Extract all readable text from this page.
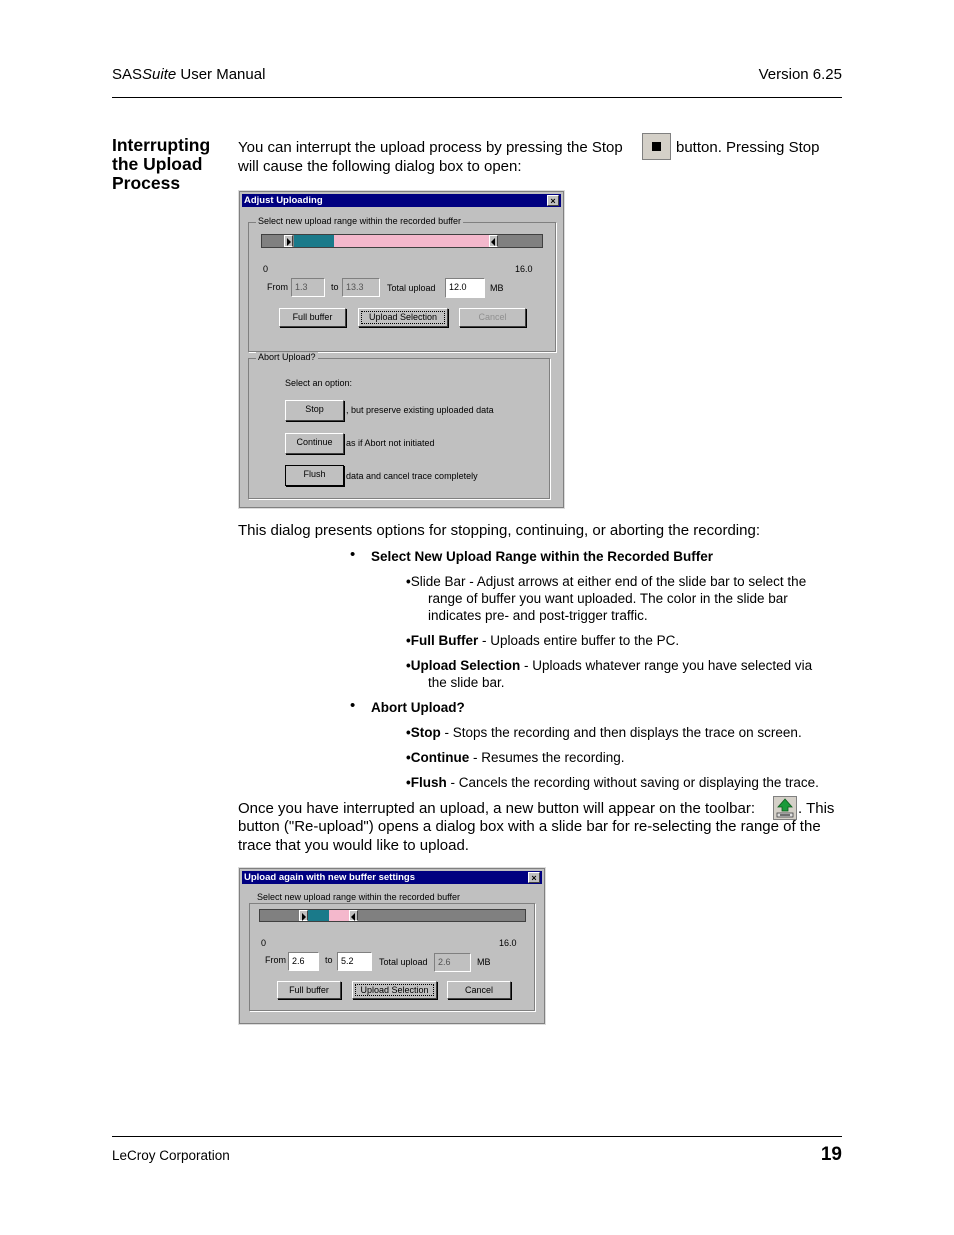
SASSuite User Manual	Version 6.25
Interrupting the Upload Process
You can interrupt the upload process by pressing the Stop	button. Pressing Stop
will cause the following dialog box to open:
Adjust Uploading	×
Select new upload range within the recorded buffer
0	16.0
From 1.3	to 13.3	Total upload	12.0	MB
Full buffer	Upload Selection	Cancel
Abort Upload?
Select an option:
Stop	, but preserve existing uploaded data
Continue	as if Abort not initiated
Flush	data and cancel trace completely
This dialog presents options for stopping, continuing, or aborting the recording:
• Select New Upload Range within the Recorded Buffer
•Slide Bar - Adjust arrows at either end of the slide bar to select the
range of buffer you want uploaded. The color in the slide bar
indicates pre- and post-trigger traffic.
•Full Buffer - Uploads entire buffer to the PC.
•Upload Selection - Uploads whatever range you have selected via
the slide bar.
• Abort Upload?
•Stop - Stops the recording and then displays the trace on screen.
•Continue - Resumes the recording.
•Flush - Cancels the recording without saving or displaying the trace.
Once you have interrupted an upload, a new button will appear on the toolbar:	. This
button ("Re-upload") opens a dialog box with a slide bar for re-selecting the range of the
trace that you would like to upload.
Upload again with new buffer settings	×
Select new upload range within the recorded buffer
0	16.0
From 2.6	to 5.2	Total upload	2.6	MB
Full buffer	Upload Selection	Cancel
LeCroy Corporation	19
